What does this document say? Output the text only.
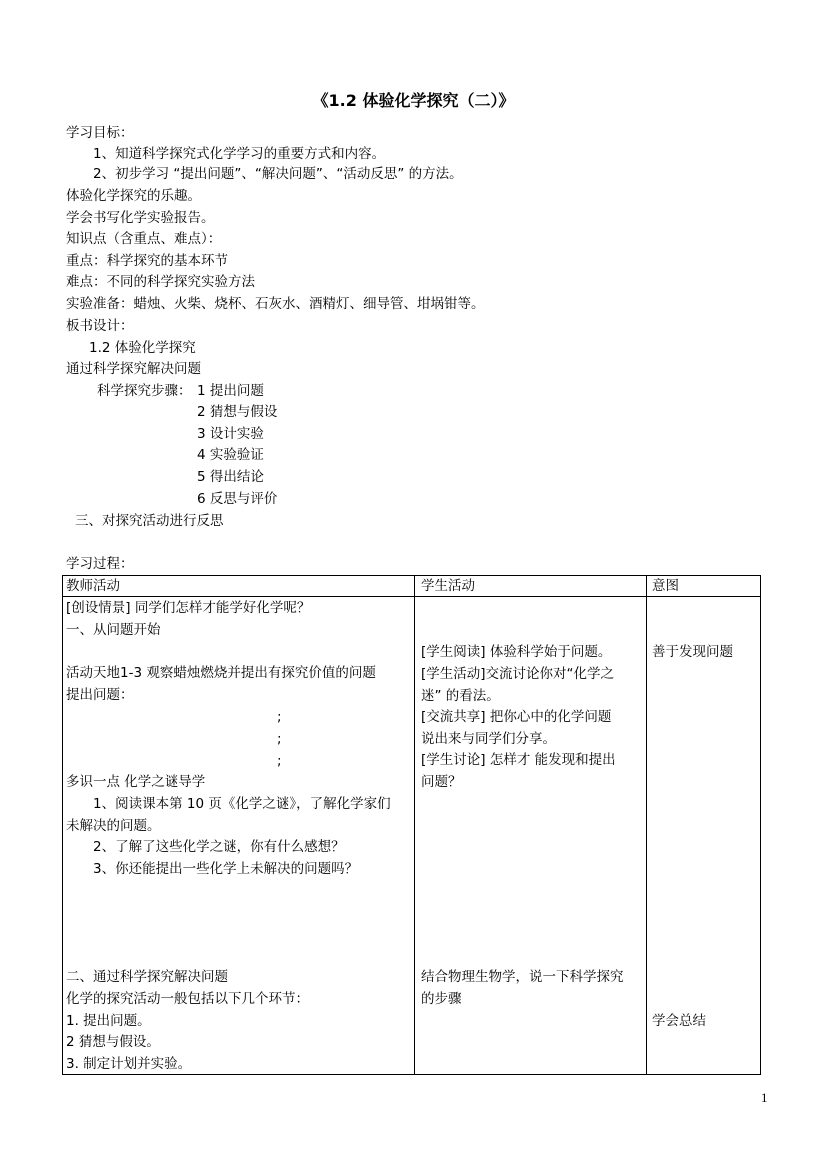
《1.2 体验化学探究（二）》
学习目标：
1、知道科学探究式化学学习的重要方式和内容。
2、初步学习 “提出问题”、“解决问题”、“活动反思” 的方法。
体验化学探究的乐趣。
学会书写化学实验报告。
知识点（含重点、难点）：
重点：科学探究的基本环节
难点：不同的科学探究实验方法
实验准备：蜡烛、火柴、烧杯、石灰水、酒精灯、细导管、坩埚钳等。
板书设计：
1.2 体验化学探究
通过科学探究解决问题
科学探究步骤： 1 提出问题
2 猜想与假设
3 设计实验
4 实验验证
5 得出结论
6 反思与评价
三、对探究活动进行反思
学习过程：
教师活动	学生活动	意图
[创设情景] 同学们怎样才能学好化学呢？
一、从问题开始
活动天地1-3 观察蜡烛燃烧并提出有探究价值的问题
提出问题：
;
;
;
多识一点 化学之谜导学
1、阅读课本第 10 页《化学之谜》，了解化学家们
未解决的问题。
2、了解了这些化学之谜，你有什么感想？
3、你还能提出一些化学上未解决的问题吗？
二、通过科学探究解决问题
化学的探究活动一般包括以下几个环节：
1. 提出问题。
2 猜想与假设。
3. 制定计划并实验。
[学生阅读] 体验科学始于问题。
[学生活动]交流讨论你对“化学之
迷” 的看法。
[交流共享] 把你心中的化学问题
说出来与同学们分享。
[学生讨论] 怎样才 能发现和提出
问题？
结合物理生物学，说一下科学探究
的步骤
善于发现问题
学会总结
1
